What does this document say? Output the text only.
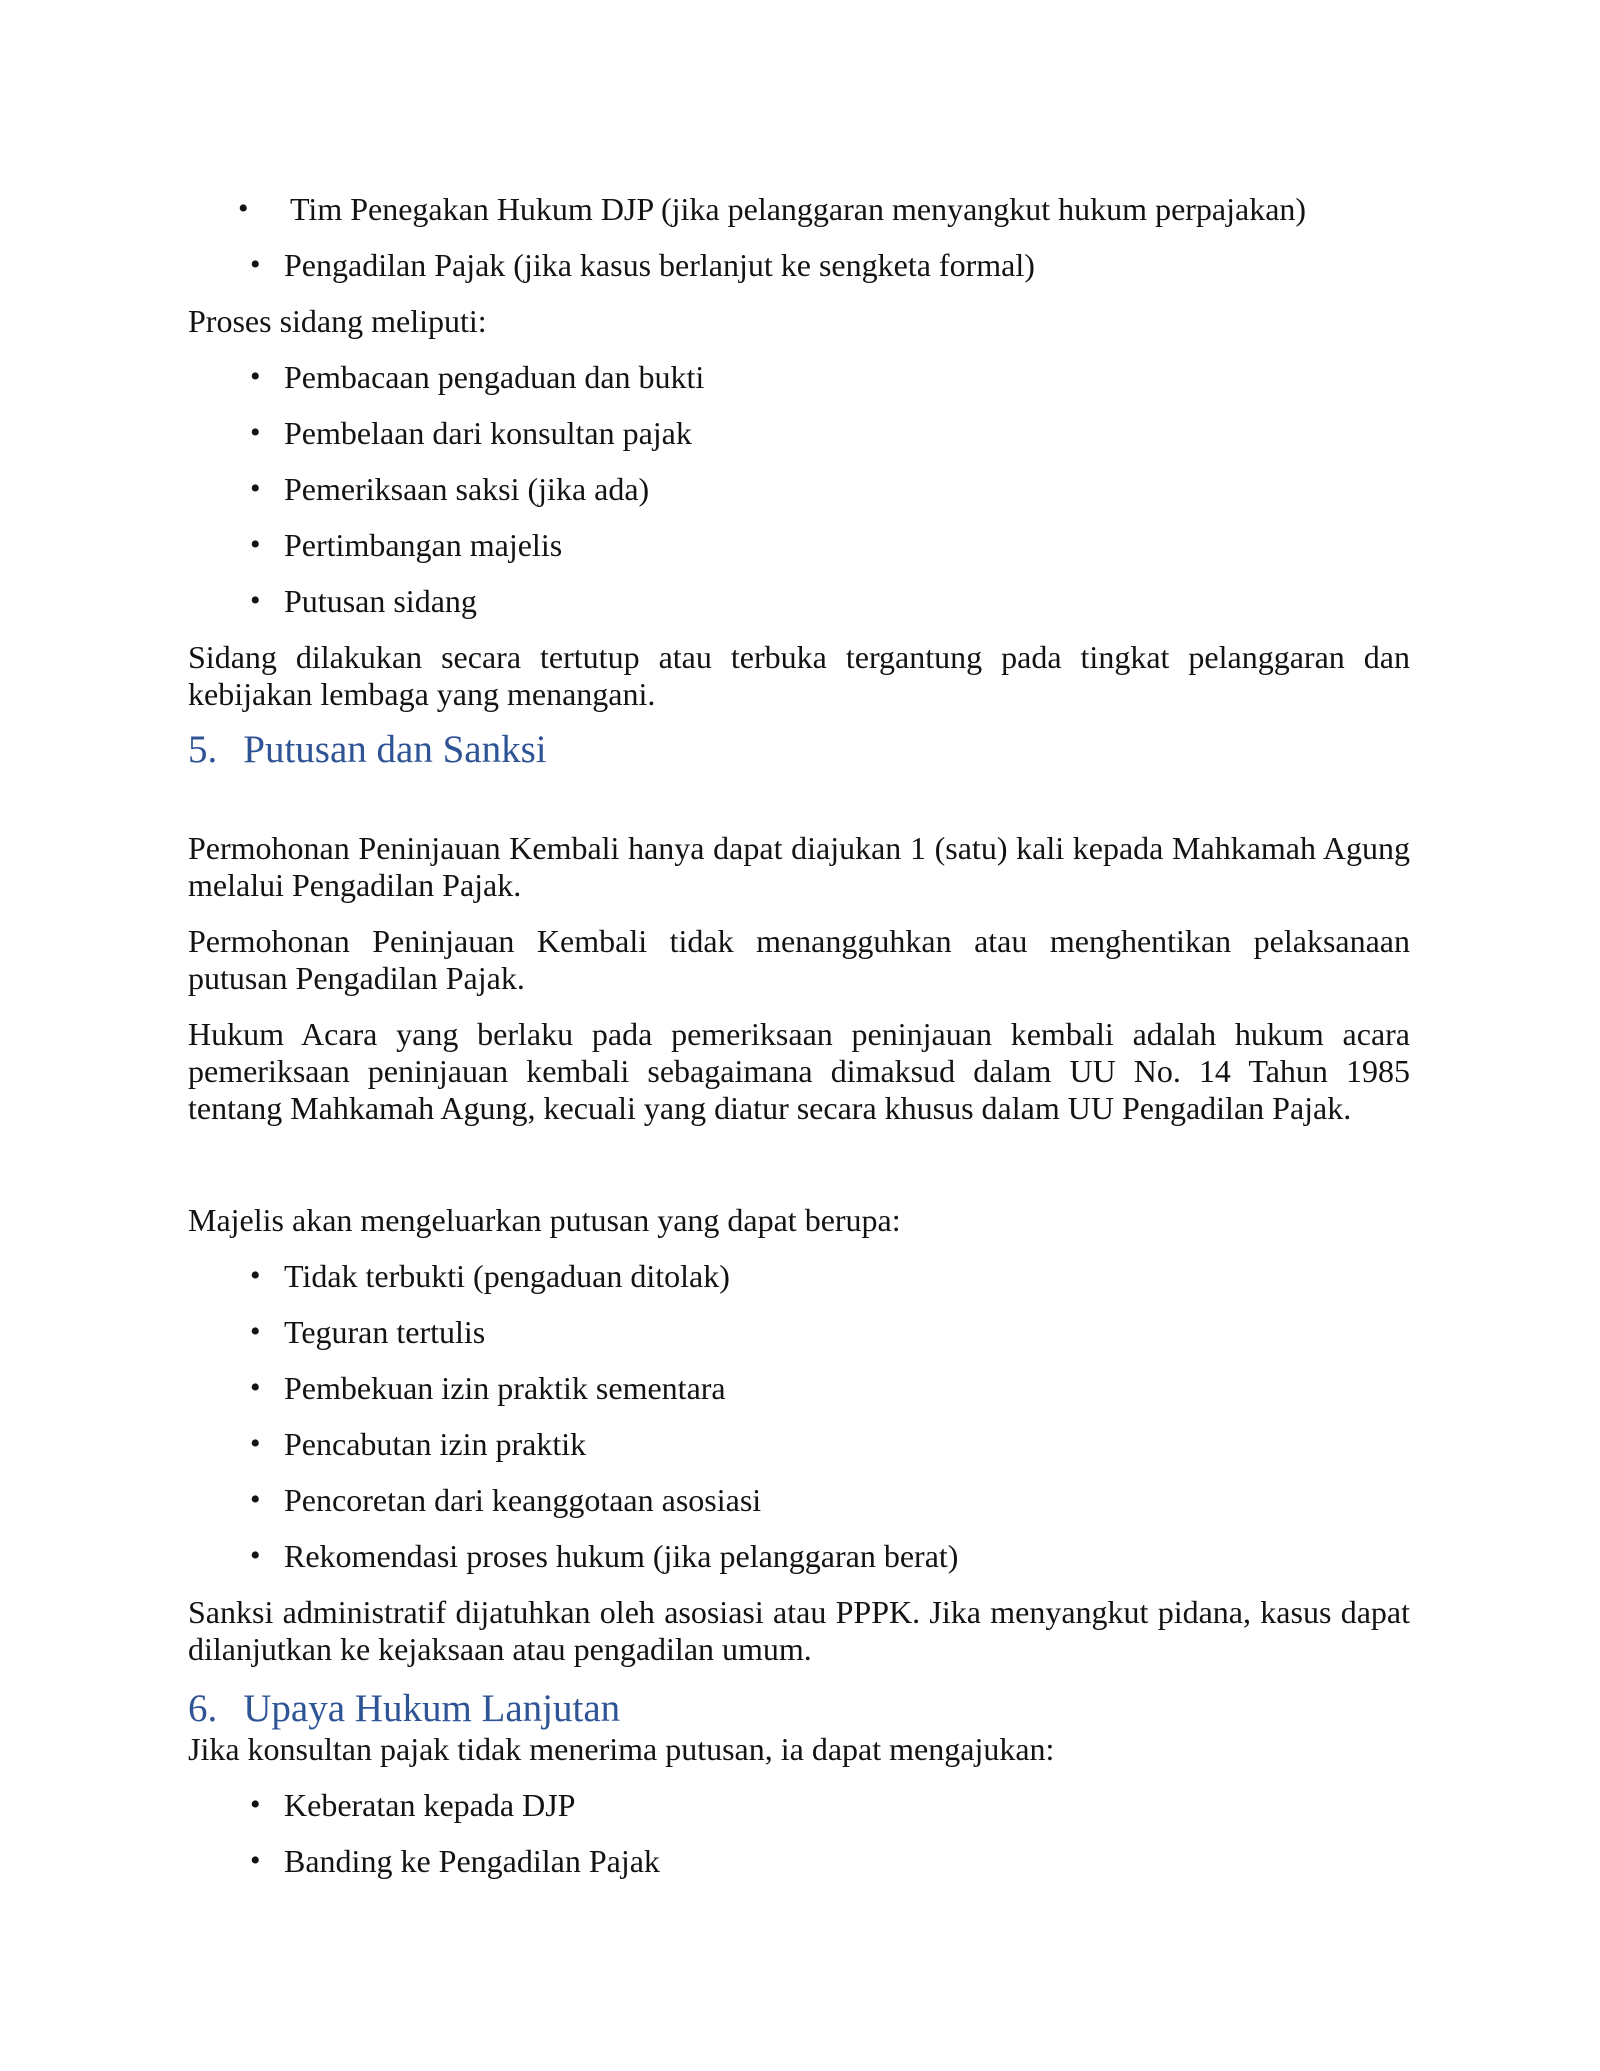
• Tim Penegakan Hukum DJP (jika pelanggaran menyangkut hukum perpajakan)
• Pengadilan Pajak (jika kasus berlanjut ke sengketa formal)
Proses sidang meliputi:
• Pembacaan pengaduan dan bukti
• Pembelaan dari konsultan pajak
• Pemeriksaan saksi (jika ada)
• Pertimbangan majelis
• Putusan sidang
Sidang dilakukan secara tertutup atau terbuka tergantung pada tingkat pelanggaran dan kebijakan lembaga yang menangani.
5. Putusan dan Sanksi
Permohonan Peninjauan Kembali hanya dapat diajukan 1 (satu) kali kepada Mahkamah Agung melalui Pengadilan Pajak.
Permohonan Peninjauan Kembali tidak menangguhkan atau menghentikan pelaksanaan putusan Pengadilan Pajak.
Hukum Acara yang berlaku pada pemeriksaan peninjauan kembali adalah hukum acara pemeriksaan peninjauan kembali sebagaimana dimaksud dalam UU No. 14 Tahun 1985 tentang Mahkamah Agung, kecuali yang diatur secara khusus dalam UU Pengadilan Pajak.
Majelis akan mengeluarkan putusan yang dapat berupa:
• Tidak terbukti (pengaduan ditolak)
• Teguran tertulis
• Pembekuan izin praktik sementara
• Pencabutan izin praktik
• Pencoretan dari keanggotaan asosiasi
• Rekomendasi proses hukum (jika pelanggaran berat)
Sanksi administratif dijatuhkan oleh asosiasi atau PPPK. Jika menyangkut pidana, kasus dapat dilanjutkan ke kejaksaan atau pengadilan umum.
6. Upaya Hukum Lanjutan
Jika konsultan pajak tidak menerima putusan, ia dapat mengajukan:
• Keberatan kepada DJP
• Banding ke Pengadilan Pajak
